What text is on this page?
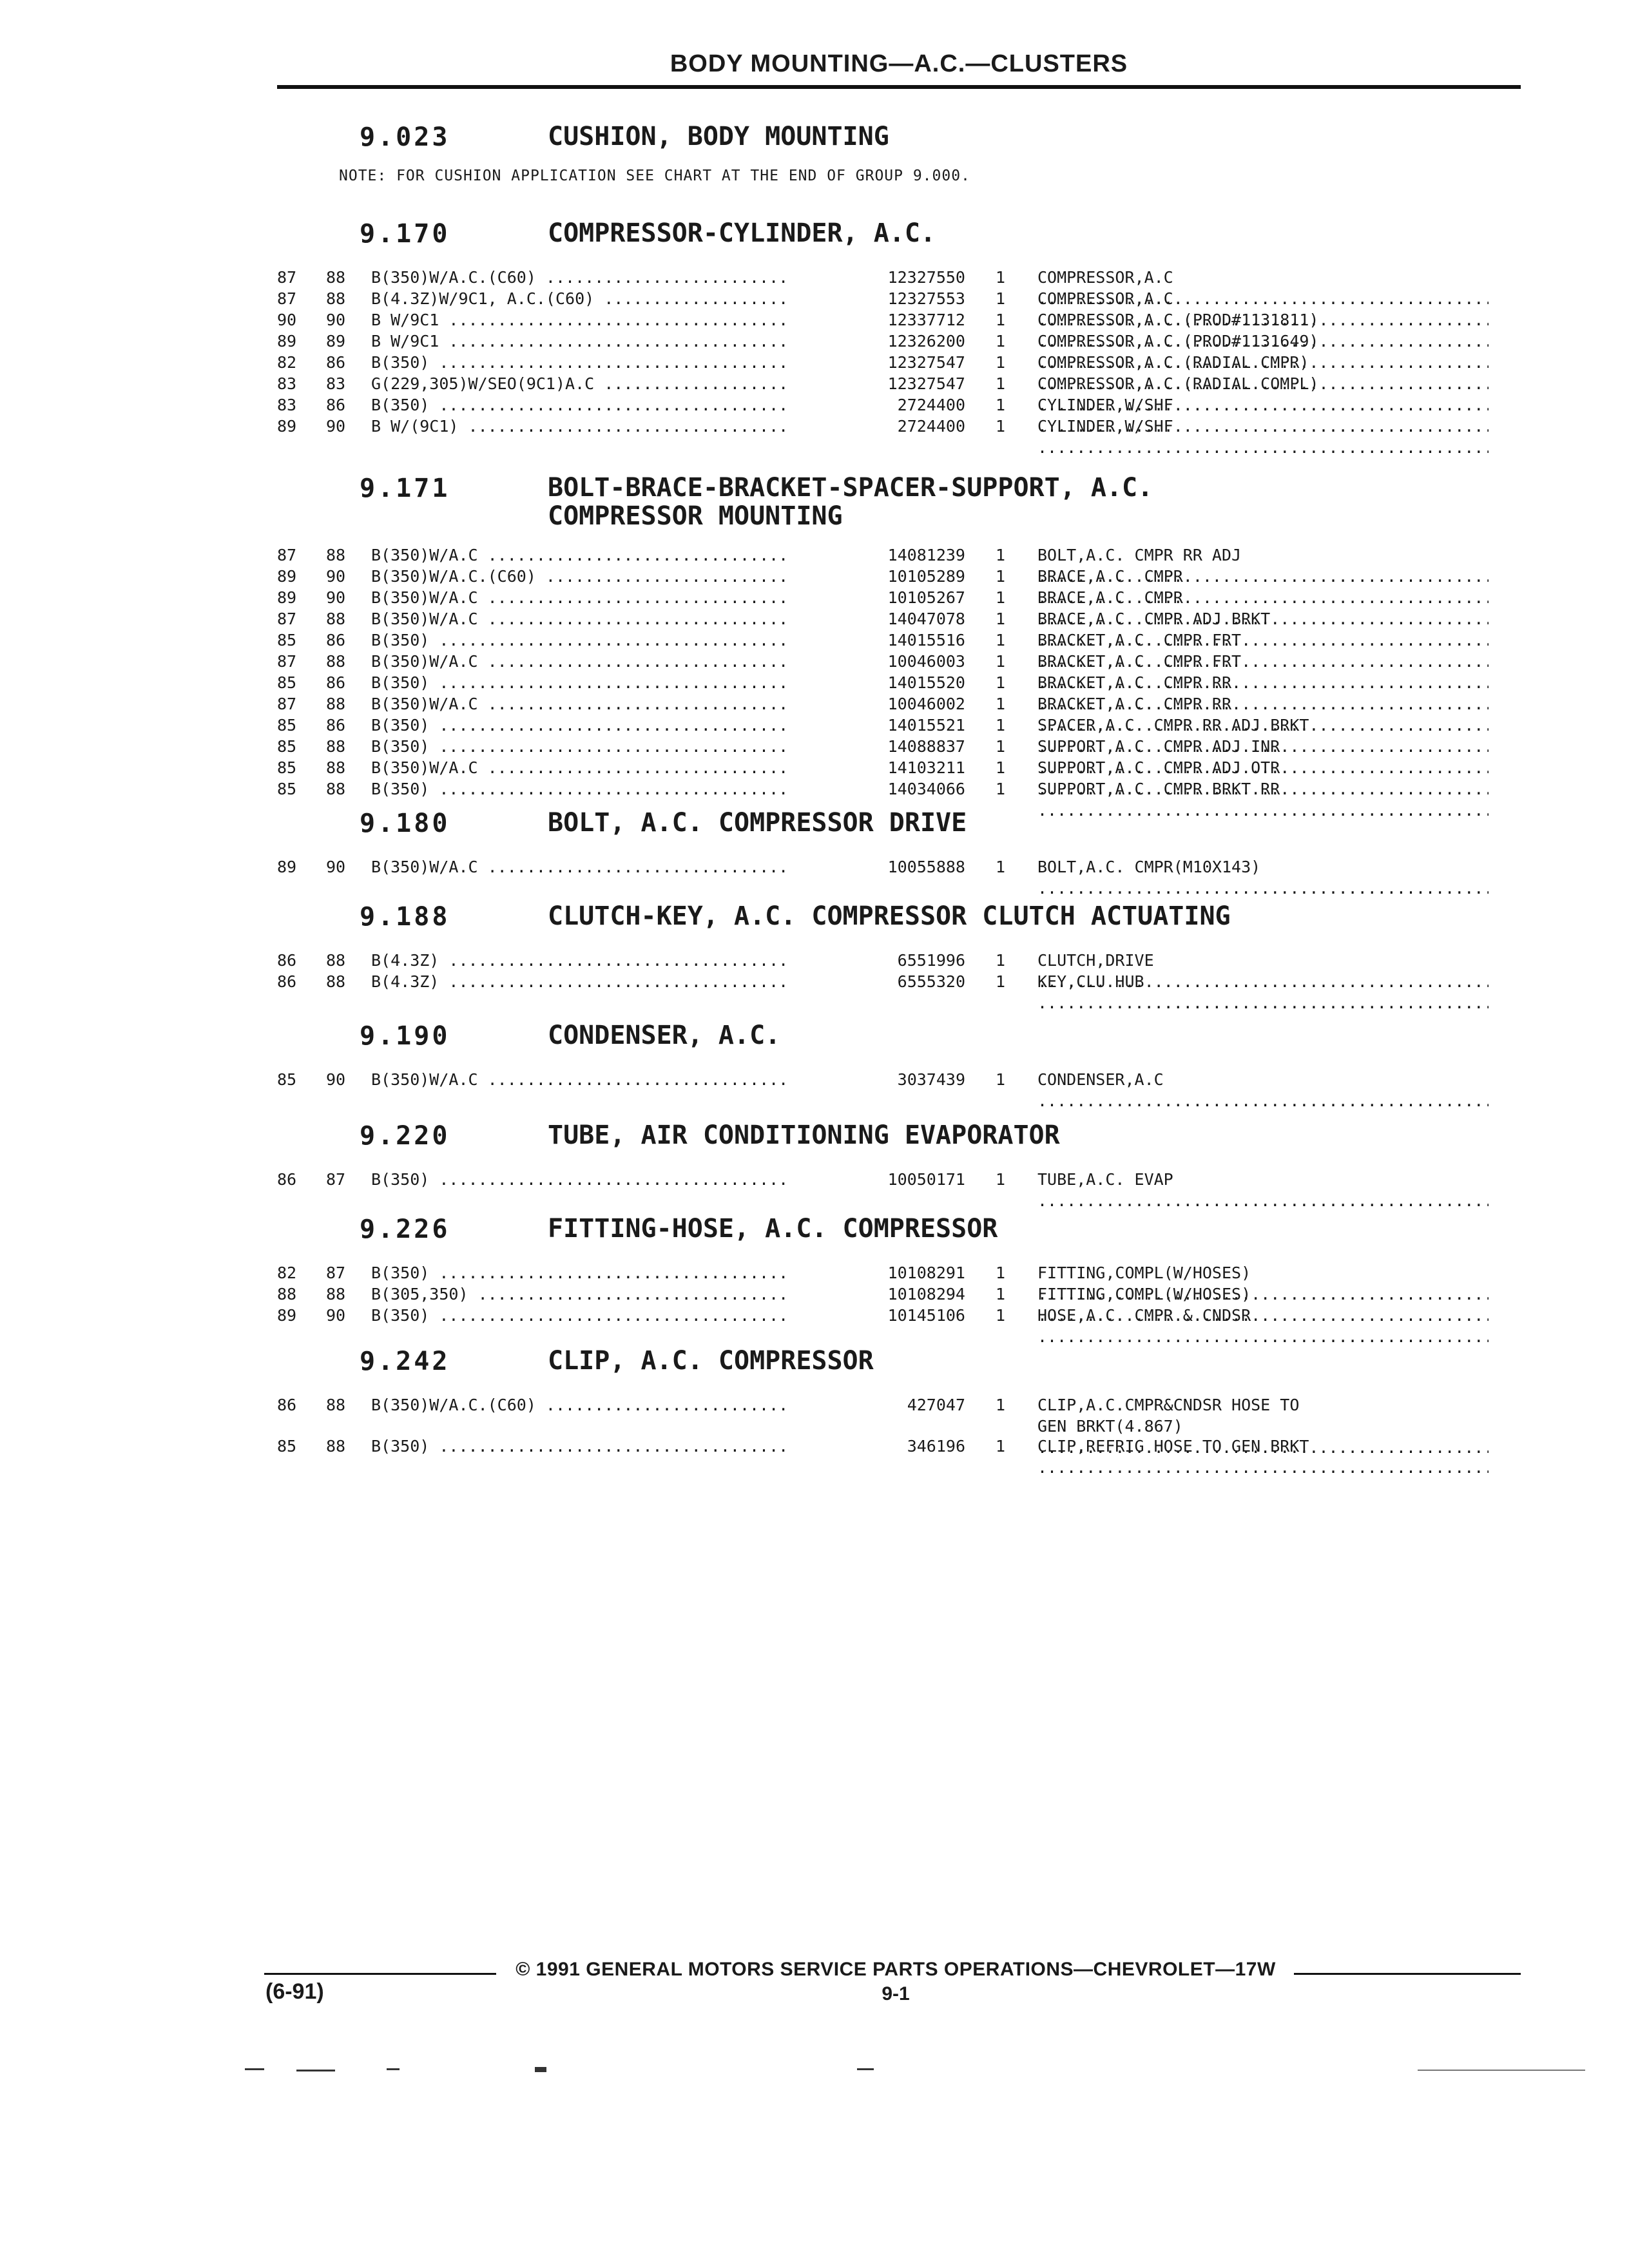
BODY MOUNTING—A.C.—CLUSTERS
9.023	CUSHION, BODY MOUNTING
NOTE: FOR CUSHION APPLICATION SEE CHART AT THE END OF GROUP 9.000.
9.170	COMPRESSOR-CYLINDER, A.C.
87	88	B(350)W/A.C.(C60) .....	12327550 1	COMPRESSOR,A.C .....
87	88	B(4.3Z)W/9C1, A.C.(C60) .....	12327553 1	COMPRESSOR,A.C .....
90	90	B W/9C1 .....	12337712 1	COMPRESSOR,A.C.(PROD#1131811) .....
89	89	B W/9C1 .....	12326200 1	COMPRESSOR,A.C.(PROD#1131649) .....
82	86	B(350) .....	12327547 1	COMPRESSOR,A.C.(RADIAL CMPR) .....
83	83	G(229,305)W/SEO(9C1)A.C .....	12327547 1	COMPRESSOR,A.C.(RADIAL COMPL) .....
83	86	B(350) .....	2724400 1	CYLINDER,W/SHF .....
89	90	B W/(9C1) .....	2724400 1	CYLINDER,W/SHF .....
9.171	BOLT-BRACE-BRACKET-SPACER-SUPPORT, A.C.
COMPRESSOR MOUNTING
87	88	B(350)W/A.C .....	14081239 1	BOLT,A.C. CMPR RR ADJ .....
89	90	B(350)W/A.C.(C60) .....	10105289 1	BRACE,A.C. CMPR .....
89	90	B(350)W/A.C .....	10105267 1	BRACE,A.C. CMPR .....
87	88	B(350)W/A.C .....	14047078 1	BRACE,A.C. CMPR ADJ BRKT .....
85	86	B(350) .....	14015516 1	BRACKET,A.C. CMPR FRT .....
87	88	B(350)W/A.C .....	10046003 1	BRACKET,A.C. CMPR FRT .....
85	86	B(350) .....	14015520 1	BRACKET,A.C. CMPR RR .....
87	88	B(350)W/A.C .....	10046002 1	BRACKET,A.C. CMPR RR .....
85	86	B(350) .....	14015521 1	SPACER,A.C. CMPR RR ADJ BRKT .....
85	88	B(350) .....	14088837 1	SUPPORT,A.C. CMPR ADJ INR .....
85	88	B(350)W/A.C .....	14103211 1	SUPPORT,A.C. CMPR ADJ OTR .....
85	88	B(350) .....	14034066 1	SUPPORT,A.C. CMPR BRKT RR .....
9.180	BOLT, A.C. COMPRESSOR DRIVE
89	90	B(350)W/A.C .....	10055888 1	BOLT,A.C. CMPR(M10X143) .....
9.188	CLUTCH-KEY, A.C. COMPRESSOR CLUTCH ACTUATING
86	88	B(4.3Z) .....	6551996 1	CLUTCH,DRIVE .....
86	88	B(4.3Z) .....	6555320 1	KEY,CLU HUB .....
9.190	CONDENSER, A.C.
85	90	B(350)W/A.C .....	3037439 1	CONDENSER,A.C .....
9.220	TUBE, AIR CONDITIONING EVAPORATOR
86	87	B(350) .....	10050171 1	TUBE,A.C. EVAP .....
9.226	FITTING-HOSE, A.C. COMPRESSOR
82	87	B(350) .....	10108291 1	FITTING,COMPL(W/HOSES) .....
88	88	B(305,350) .....	10108294 1	FITTING,COMPL(W/HOSES) .....
89	90	B(350) .....	10145106 1	HOSE,A.C. CMPR & CNDSR .....
9.242	CLIP, A.C. COMPRESSOR
86	88	B(350)W/A.C.(C60) .....	427047 1	CLIP,A.C.CMPR&CNDSR HOSE TO
GEN BRKT(4.867) .....
85	88	B(350) .....	346196 1	CLIP,REFRIG HOSE TO GEN BRKT .....
© 1991 GENERAL MOTORS SERVICE PARTS OPERATIONS—CHEVROLET—17W
(6-91)	9-1
